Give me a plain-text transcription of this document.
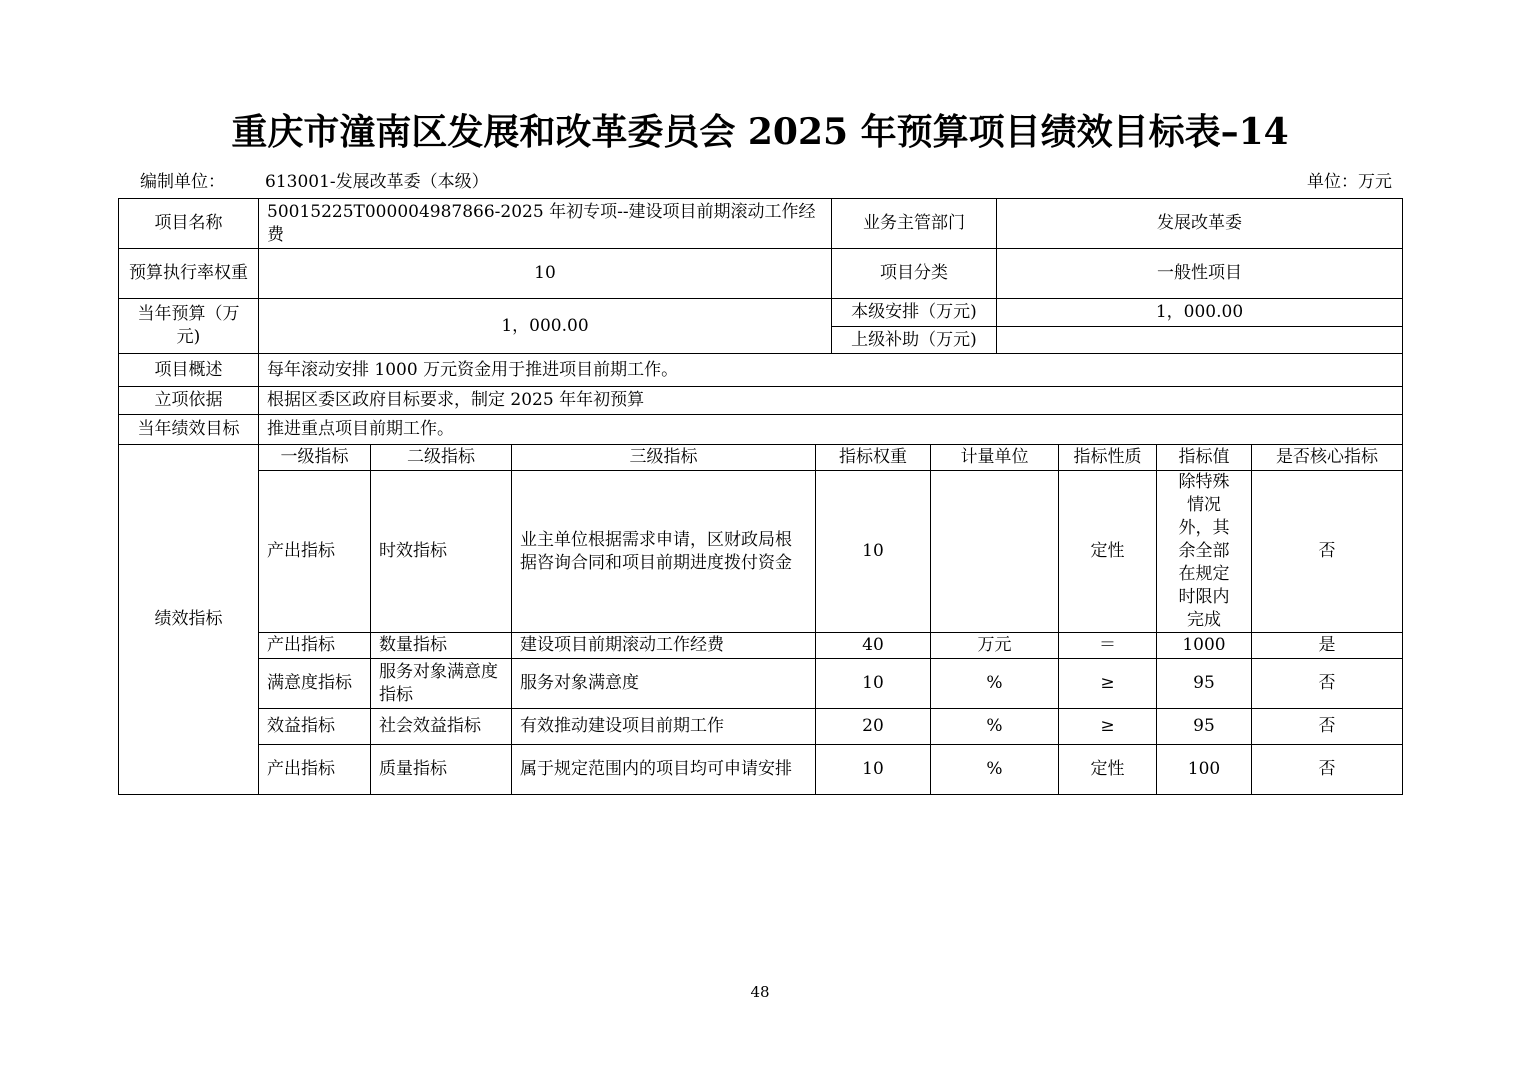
重庆市潼南区发展和改革委员会 2025 年预算项目绩效目标表–14
编制单位： 613001-发展改革委（本级）	单位：万元
项目名称	50015225T000004987866-2025 年初专项--建设项目前期滚动工作经费				业务主管部门		发展改革委			
预算执行率权重	10				项目分类		一般性项目			
当年预算（万元)	1，000.00				本级安排（万元)		1，000.00			
					上级补助（万元)					
项目概述	每年滚动安排 1000 万元资金用于推进项目前期工作。									
立项依据	根据区委区政府目标要求，制定 2025 年年初预算									
当年绩效目标	推进重点项目前期工作。									
绩效指标	一级指标	二级指标	三级指标	指标权重		计量单位		指标性质	指标值	是否核心指标
	产出指标	时效指标	业主单位根据需求申请，区财政局根据咨询合同和项目前期进度拨付资金	10				定性	除特殊情况外，其余全部在规定时限内完成	否
	产出指标	数量指标	建设项目前期滚动工作经费	40		万元		＝	1000	是
	满意度指标	服务对象满意度指标	服务对象满意度	10		%		≥	95	否
	效益指标	社会效益指标	有效推动建设项目前期工作	20		%		≥	95	否
	产出指标	质量指标	属于规定范围内的项目均可申请安排	10		%		定性	100	否
48
